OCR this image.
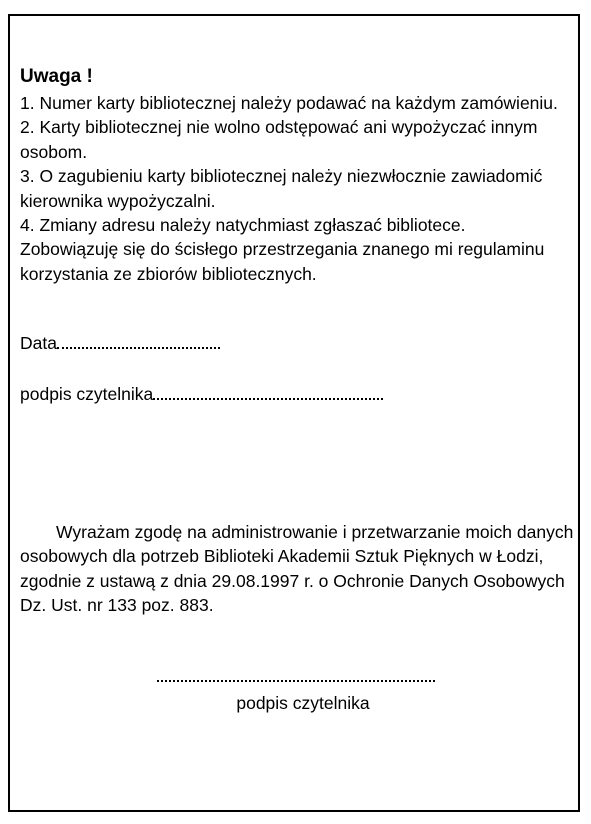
Uwaga !

1. Numer karty bibliotecznej należy podawać na każdym zamówieniu.

2. Karty bibliotecznej nie wolno odstępować ani wypożyczać innym osobom.

3. O zagubieniu karty bibliotecznej należy niezwłocznie zawiadomić kierownika wypożyczalni.

4. Zmiany adresu należy natychmiast zgłaszać bibliotece.

Zobowiązuję się do ścisłego przestrzegania znanego mi regulaminu korzystania ze zbiorów bibliotecznych.

Data
podpis czytelnika

Wyrażam zgodę na administrowanie i przetwarzanie moich danych osobowych dla potrzeb Biblioteki Akademii Sztuk Pięknych w Łodzi, zgodnie z ustawą z dnia 29.08.1997 r. o Ochronie Danych Osobowych Dz. Ust. nr 133 poz. 883.

podpis czytelnika
